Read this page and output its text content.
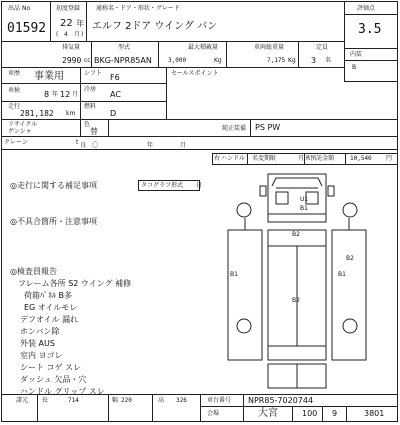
出品 No
01592
初度登録
22 年
( 4 月 )
通称名・ドア・形状・グレード
エルフ 2ドア ウイング バン
評価点
3.5
排気量
2990 cc
型式
BKG-NPR85AN
最大積載量
3,000	Kg
車両総重量
7,175 Kg
定員
3 名
内装
B
車歴 事業用	シフト F6	セールスポイント
車検	8 年 12 月
冷房
AC
走行
281,182 km
燃料
D
リサイクル
ゲンシャ
色
替	純正装備 PS PW
クレーン	t 良 〇	年	月
右 ハンドル 名変期限	月 R預託金額	10,540 円
◎走行に関する補足事項	タコグラフ形式 日
◎不具合箇所・注意事項
◎検査員報告
フレーム各所 S2 ウイング 補修
荷箱ﾊﾟﾈﾙ B多
EG オイルモレ
デフオイル 漏れ
ホンバン除
外装 AUS
室内 ヨゴレ
シート コゲ スレ
ダッシュ 欠品・穴
ハンドル グリップ スレ
U1
B1
B2
B2
B1	B1
B2
諸元 長	714	幅 220	高 326	車台番号 NPR85-7020744
会場	大宮	100 9	3801
